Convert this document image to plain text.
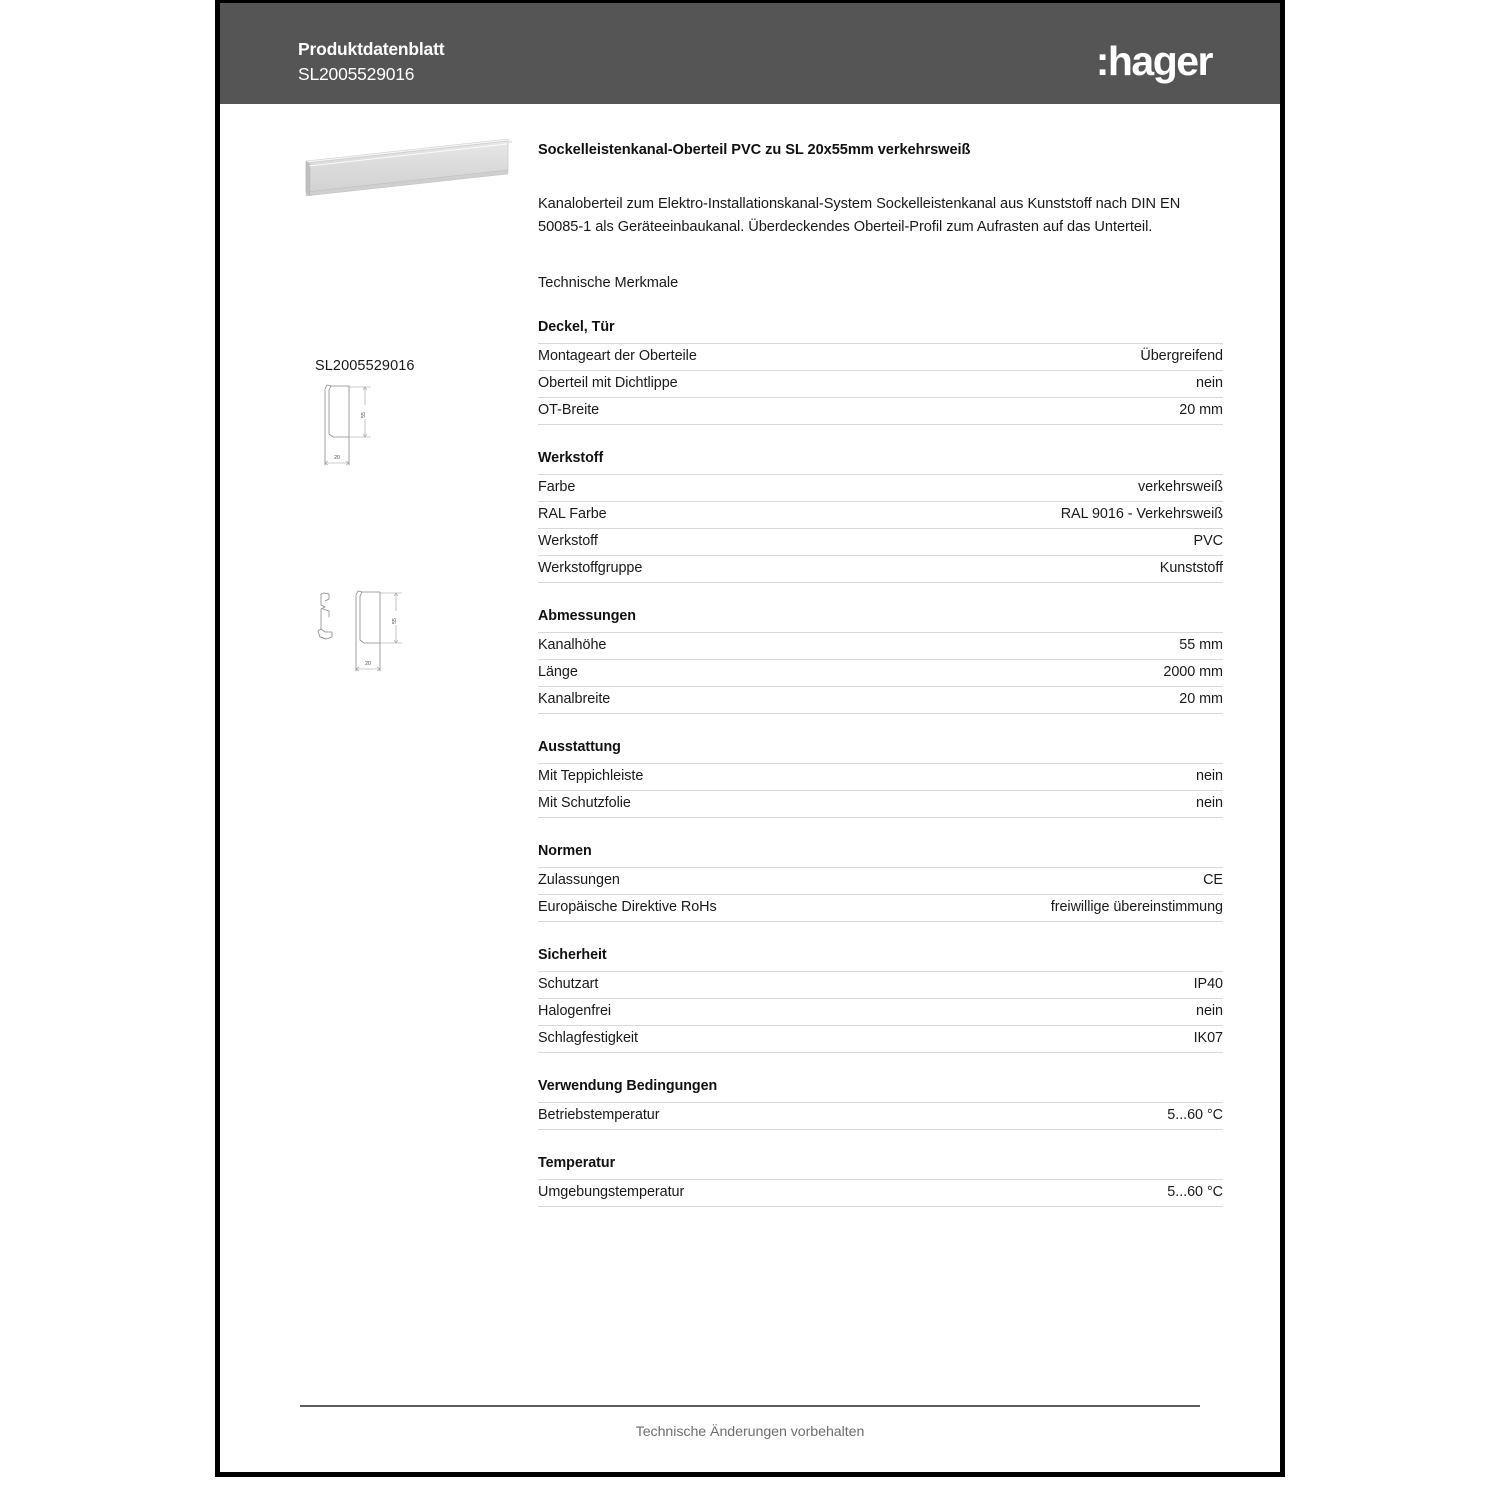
Produktdatenblatt
SL2005529016	:hager
SL2005529016
55
20
55
20
Sockelleistenkanal-Oberteil PVC zu SL 20x55mm verkehrsweiß
Kanaloberteil zum Elektro-Installationskanal-System Sockelleistenkanal aus Kunststoff nach DIN EN 50085-1 als Geräteeinbaukanal. Überdeckendes Oberteil-Profil zum Aufrasten auf das Unterteil.
Technische Merkmale
Deckel, Tür
Montageart der Oberteile	Übergreifend
Oberteil mit Dichtlippe	nein
OT-Breite	20 mm
Werkstoff
Farbe	verkehrsweiß
RAL Farbe	RAL 9016 - Verkehrsweiß
Werkstoff	PVC
Werkstoffgruppe	Kunststoff
Abmessungen
Kanalhöhe	55 mm
Länge	2000 mm
Kanalbreite	20 mm
Ausstattung
Mit Teppichleiste	nein
Mit Schutzfolie	nein
Normen
Zulassungen	CE
Europäische Direktive RoHs	freiwillige übereinstimmung
Sicherheit
Schutzart	IP40
Halogenfrei	nein
Schlagfestigkeit	IK07
Verwendung Bedingungen
Betriebstemperatur	5...60 °C
Temperatur
Umgebungstemperatur	5...60 °C
Technische Änderungen vorbehalten
